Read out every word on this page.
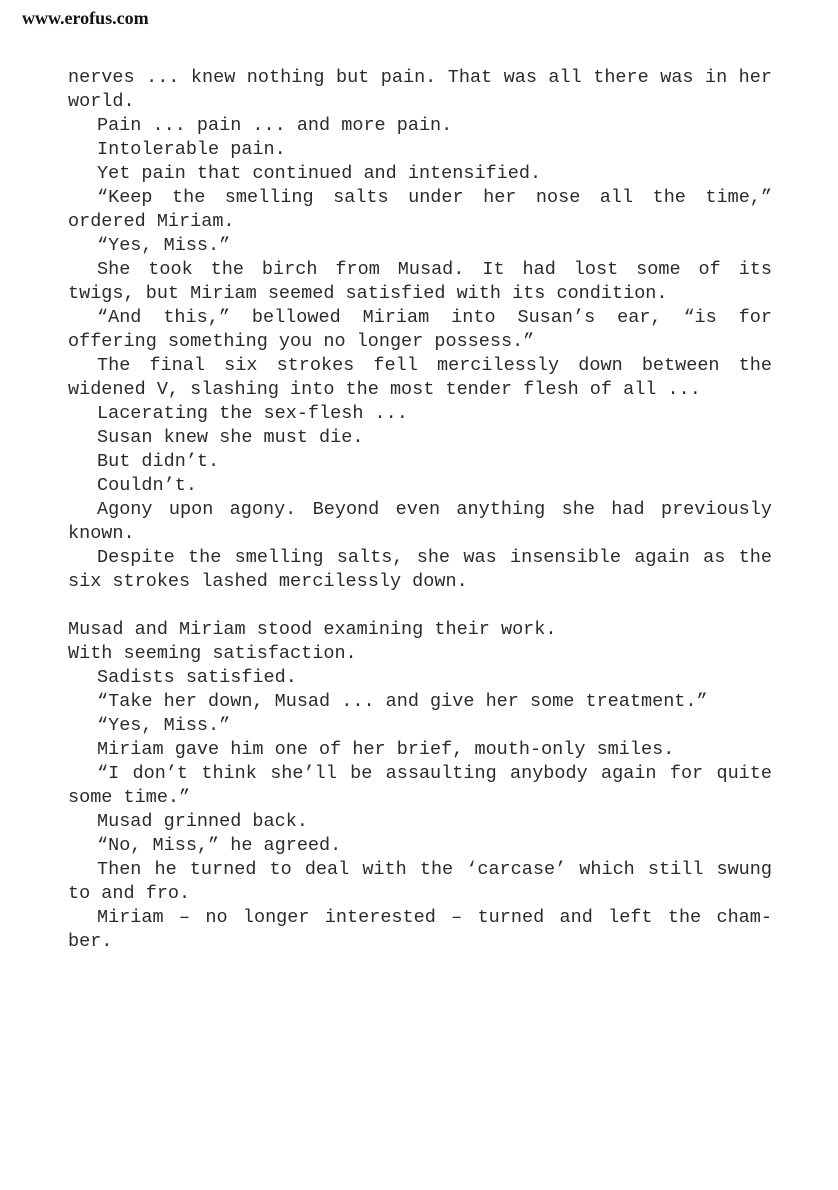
www.erofus.com

nerves ... knew nothing but pain. That was all there was in her world.

Pain ... pain ... and more pain.

Intolerable pain.

Yet pain that continued and intensified.

“Keep the smelling salts under her nose all the time,” ordered Miriam.

“Yes, Miss.”

She took the birch from Musad. It had lost some of its twigs, but Miriam seemed satisfied with its condition.

“And this,” bellowed Miriam into Susan’s ear, “is for offering something you no longer possess.”

The final six strokes fell mercilessly down between the widened V, slashing into the most tender flesh of all ...

Lacerating the sex-flesh ...

Susan knew she must die.

But didn’t.

Couldn’t.

Agony upon agony. Beyond even anything she had previously known.

Despite the smelling salts, she was insensible again as the six strokes lashed mercilessly down.

Musad and Miriam stood examining their work.

With seeming satisfaction.

Sadists satisfied.

“Take her down, Musad ... and give her some treatment.”

“Yes, Miss.”

Miriam gave him one of her brief, mouth-only smiles.

“I don’t think she’ll be assaulting anybody again for quite some time.”

Musad grinned back.

“No, Miss,” he agreed.

Then he turned to deal with the ‘carcase’ which still swung to and fro.

Miriam – no longer interested – turned and left the cham-ber.
